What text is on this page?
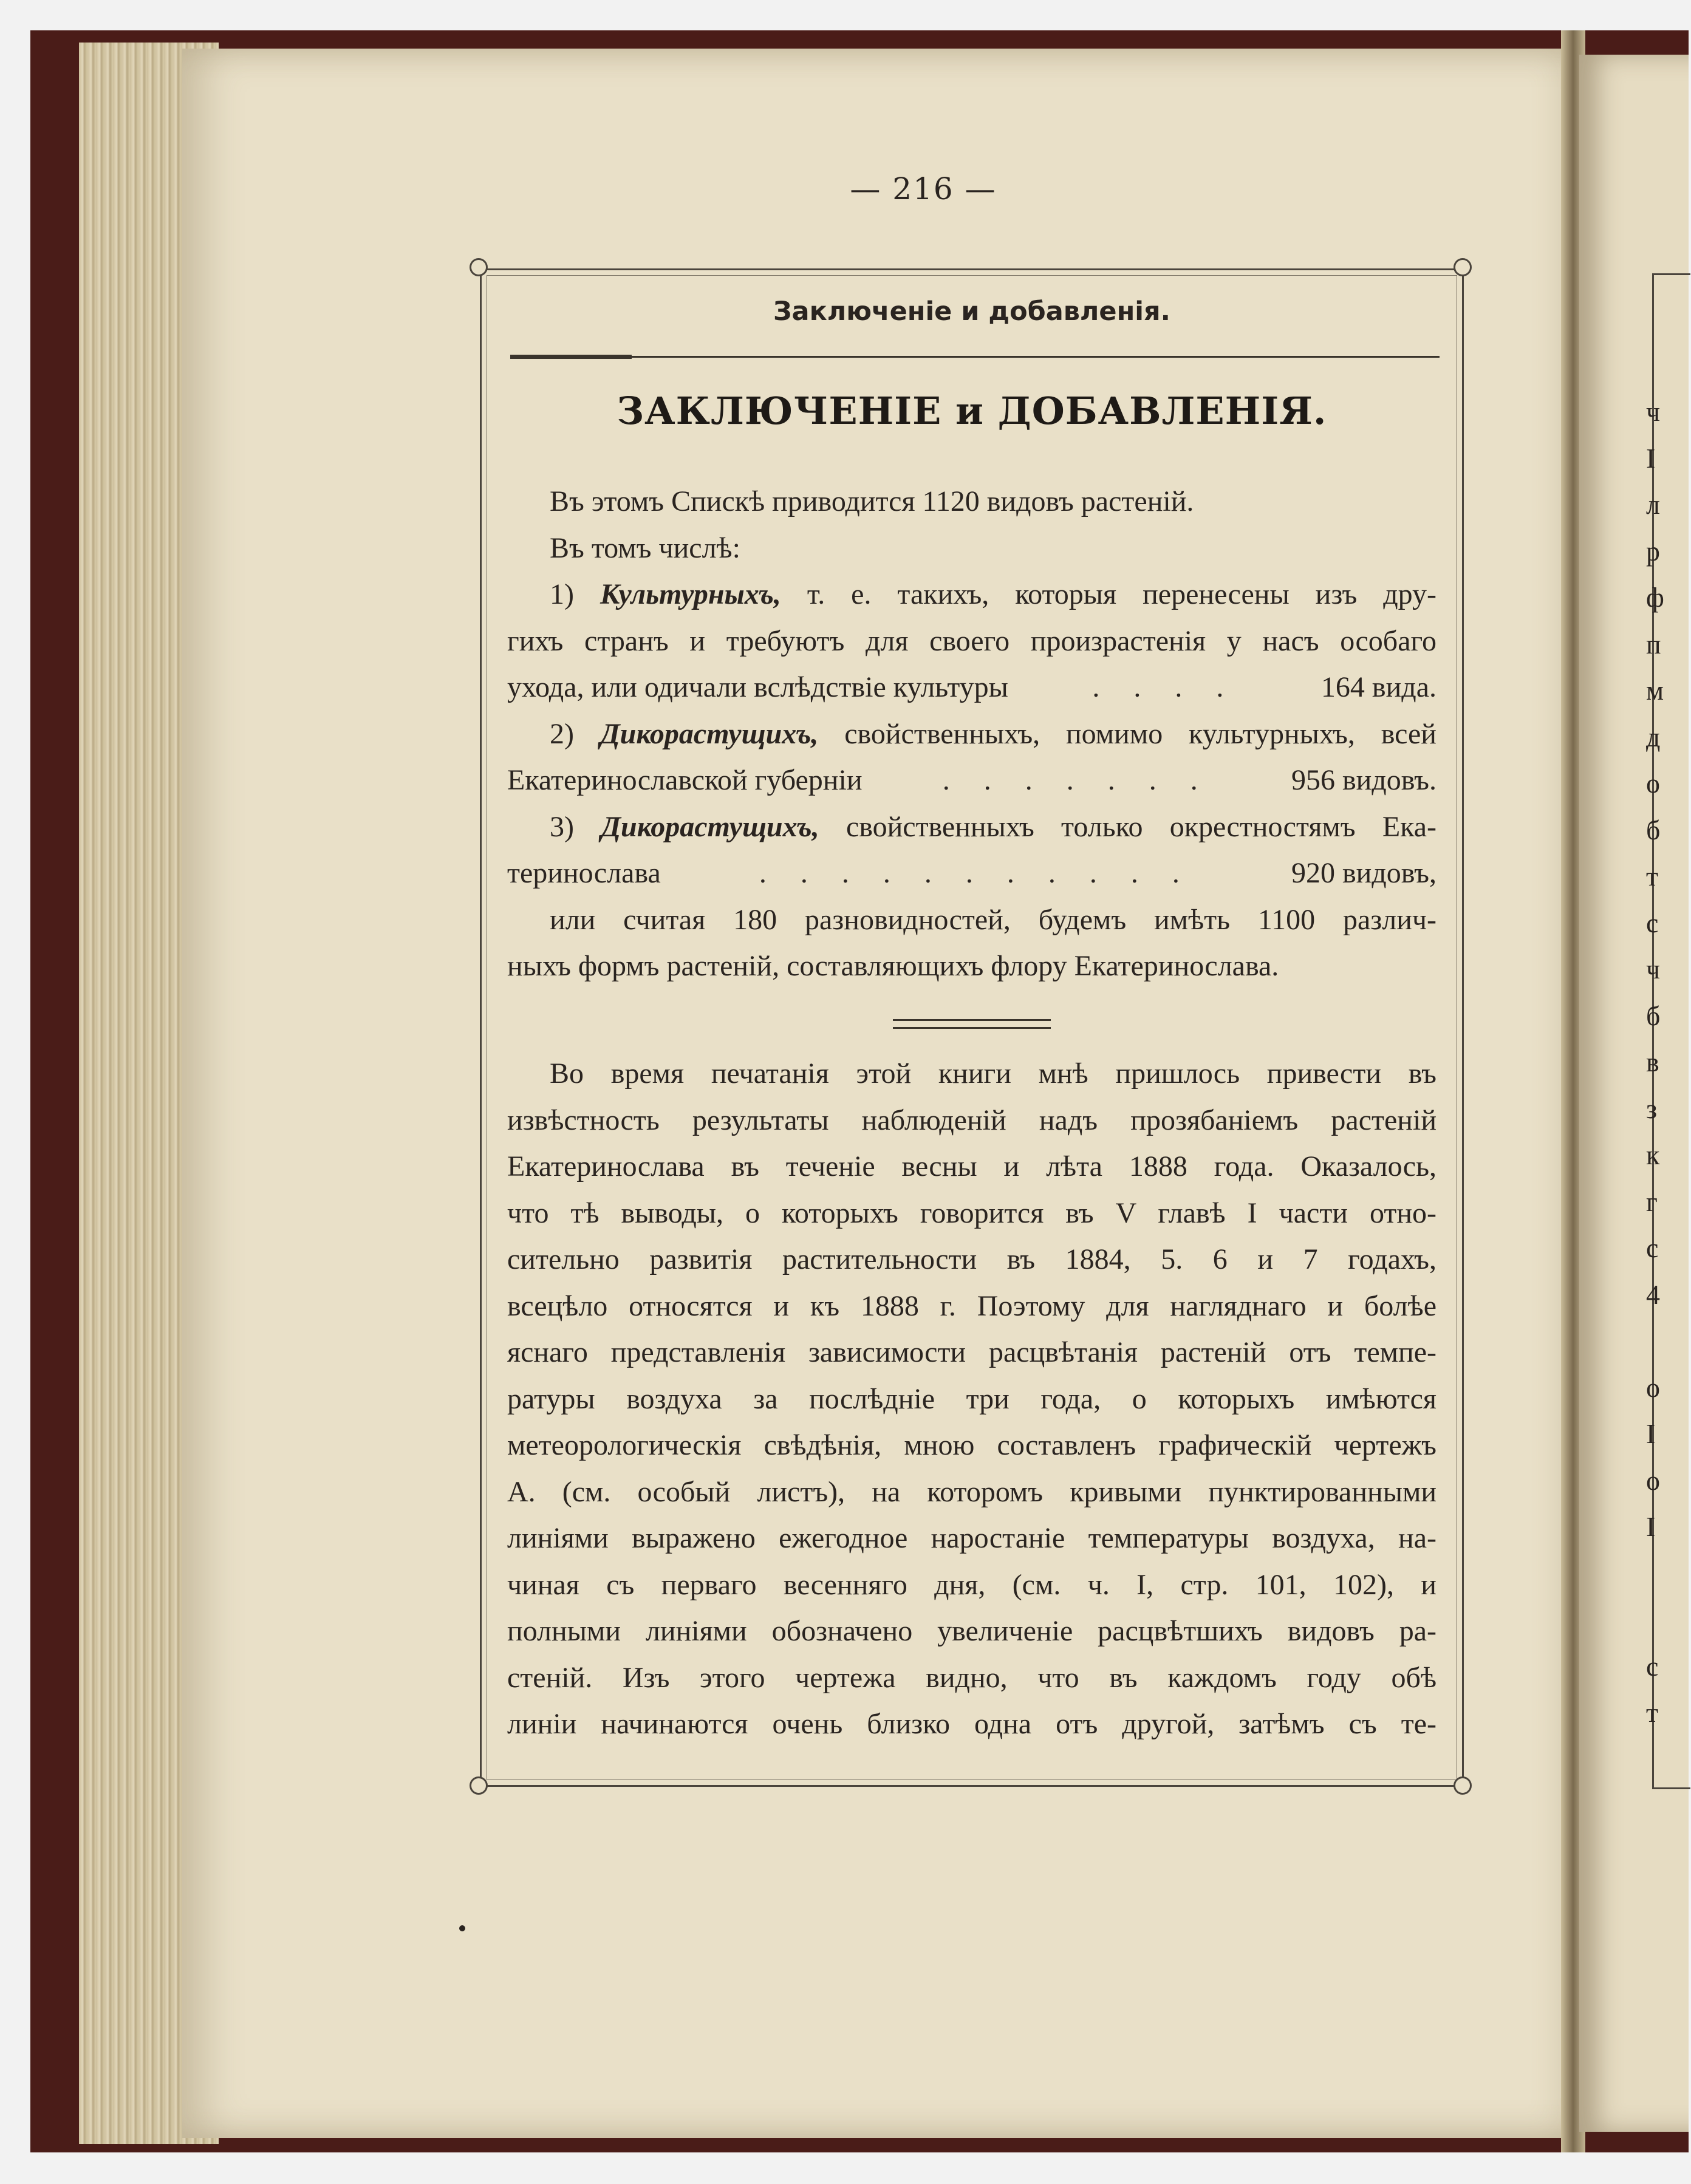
— 216 —
Заключеніе и добавленія.
ЗАКЛЮЧЕНІЕ и ДОБАВЛЕНІЯ.
Въ этомъ Спискѣ приводится 1120 видовъ растеній.
Въ томъ числѣ:
1) Культурныхъ, т. е. такихъ, которыя перенесены изъ дру-
гихъ странъ и требуютъ для своего произрастенія у насъ особаго
ухода, или одичали вслѣдствіе культуры	. . . .	164 вида.
2) Дикорастущихъ, свойственныхъ, помимо культурныхъ, всей
Екатеринославской губерніи	. . . . . . .	956 видовъ.
3) Дикорастущихъ, свойственныхъ только окрестностямъ Ека-
теринослава	. . . . . . . . . . .	920 видовъ,
или считая 180 разновидностей, будемъ имѣть 1100 различ-
ныхъ формъ растеній, составляющихъ флору Екатеринослава.
Во время печатанія этой книги мнѣ пришлось привести въ
извѣстность результаты наблюденій надъ прозябаніемъ растеній
Екатеринослава въ теченіе весны и лѣта 1888 года. Оказалось,
что тѣ выводы, о которыхъ говорится въ V главѣ I части отно-
сительно развитія растительности въ 1884, 5. 6 и 7 годахъ,
всецѣло относятся и къ 1888 г. Поэтому для нагляднаго и болѣе
яснаго представленія зависимости расцвѣтанія растеній отъ темпе-
ратуры воздуха за послѣдніе три года, о которыхъ имѣются
метеорологическія свѣдѣнія, мною составленъ графическій чертежъ
А. (см. особый листъ), на которомъ кривыми пунктированными
линіями выражено ежегодное наростаніе температуры воздуха, на-
чиная съ перваго весенняго дня, (см. ч. I, стр. 101, 102), и
полными линіями обозначено увеличеніе расцвѣтшихъ видовъ ра-
стеній. Изъ этого чертежа видно, что въ каждомъ году обѣ
линіи начинаются очень близко одна отъ другой, затѣмъ съ те-
ч
I
л
р
ф
п
м
д
о
б
т
с
ч
б
в
з
к
г
с
4

о
I
о
I

с
т
